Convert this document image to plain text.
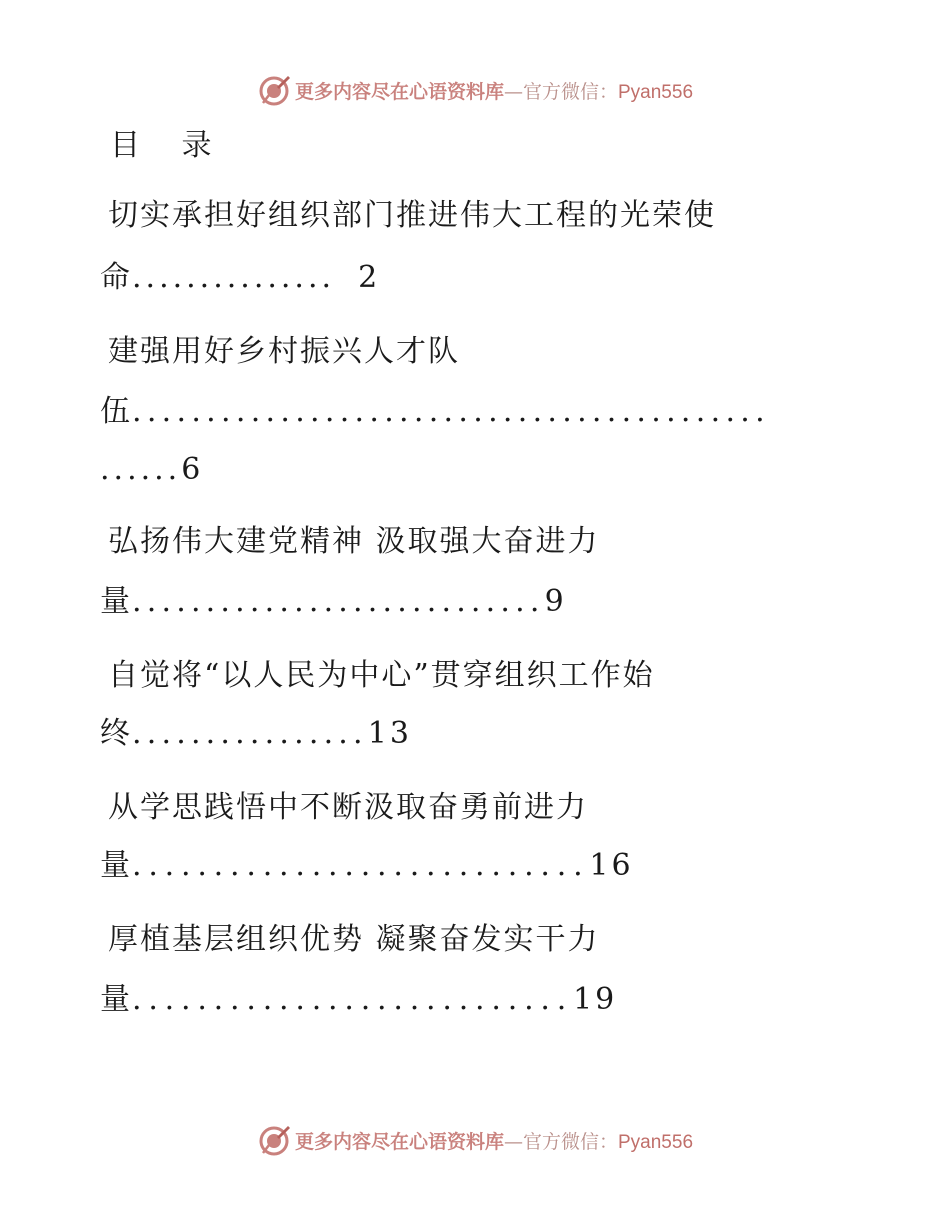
更多内容尽在心语资料库—官方微信：Pyan556
目 录
切实承担好组织部门推进伟大工程的光荣使
命............... 2
建强用好乡村振兴人才队
伍...........................................
......6
弘扬伟大建党精神 汲取强大奋进力
量............................9
自觉将“以人民为中心”贯穿组织工作始
终................13
从学思践悟中不断汲取奋勇前进力
量............................16
厚植基层组织优势 凝聚奋发实干力
量...........................19
更多内容尽在心语资料库—官方微信：Pyan556
